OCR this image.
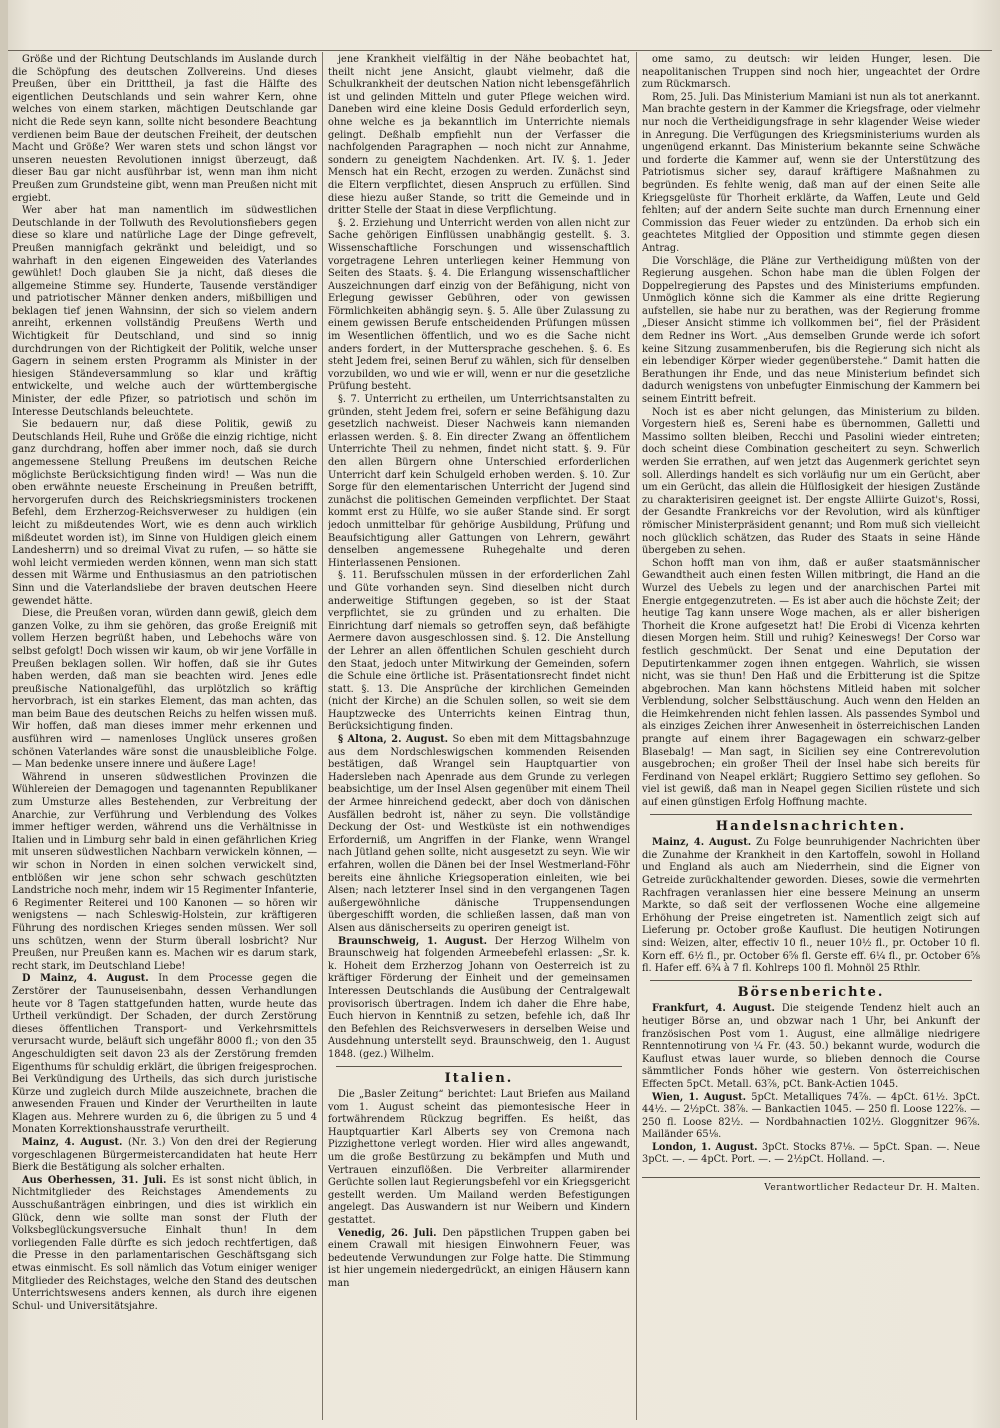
Größe und der Richtung Deutschlands im Auslande durch die Schöpfung des deutschen Zollvereins. Und dieses Preußen, über ein Dritttheil, ja fast die Hälfte des eigentlichen Deutschlands und sein wahrer Kern, ohne welches von einem starken, mächtigen Deutschlande gar nicht die Rede seyn kann, sollte nicht besondere Beachtung verdienen beim Baue der deutschen Freiheit, der deutschen Macht und Größe? Wer waren stets und schon längst vor unseren neuesten Revolutionen innigst überzeugt, daß dieser Bau gar nicht ausführbar ist, wenn man ihm nicht Preußen zum Grundsteine gibt, wenn man Preußen nicht mit ergiebt.

Wer aber hat man namentlich im südwestlichen Deutschlande in der Tollwuth des Revolutionsfiebers gegen diese so klare und natürliche Lage der Dinge gefrevelt, Preußen mannigfach gekränkt und beleidigt, und so wahrhaft in den eigenen Eingeweiden des Vaterlandes gewühlet! Doch glauben Sie ja nicht, daß dieses die allgemeine Stimme sey. Hunderte, Tausende verständiger und patriotischer Männer denken anders, mißbilligen und beklagen tief jenen Wahnsinn, der sich so vielem andern anreiht, erkennen vollständig Preußens Werth und Wichtigkeit für Deutschland, und sind so innig durchdrungen von der Richtigkeit der Politik, welche unser Gagern in seinem ersten Programm als Minister in der hiesigen Ständeversammlung so klar und kräftig entwickelte, und welche auch der württembergische Minister, der edle Pfizer, so patriotisch und schön im Interesse Deutschlands beleuchtete.

Sie bedauern nur, daß diese Politik, gewiß zu Deutschlands Heil, Ruhe und Größe die einzig richtige, nicht ganz durchdrang, hoffen aber immer noch, daß sie durch angemessene Stellung Preußens im deutschen Reiche möglichste Berücksichtigung finden wird! — Was nun die oben erwähnte neueste Erscheinung in Preußen betrifft, hervorgerufen durch des Reichskriegsministers trockenen Befehl, dem Erzherzog-Reichsverweser zu huldigen (ein leicht zu mißdeutendes Wort, wie es denn auch wirklich mißdeutet worden ist), im Sinne von Huldigen gleich einem Landesherrn) und so dreimal Vivat zu rufen, — so hätte sie wohl leicht vermieden werden können, wenn man sich statt dessen mit Wärme und Enthusiasmus an den patriotischen Sinn und die Vaterlandsliebe der braven deutschen Heere gewendet hätte.

Diese, die Preußen voran, würden dann gewiß, gleich dem ganzen Volke, zu ihm sie gehören, das große Ereigniß mit vollem Herzen begrüßt haben, und Lebehochs wäre von selbst gefolgt! Doch wissen wir kaum, ob wir jene Vorfälle in Preußen beklagen sollen. Wir hoffen, daß sie ihr Gutes haben werden, daß man sie beachten wird. Jenes edle preußische Nationalgefühl, das urplötzlich so kräftig hervorbrach, ist ein starkes Element, das man achten, das man beim Baue des deutschen Reichs zu helfen wissen muß. Wir hoffen, daß man dieses immer mehr erkennen und ausführen wird — namenloses Unglück unseres großen schönen Vaterlandes wäre sonst die unausbleibliche Folge. — Man bedenke unsere innere und äußere Lage!

Während in unseren südwestlichen Provinzen die Wühlereien der Demagogen und tagenannten Republikaner zum Umsturze alles Bestehenden, zur Verbreitung der Anarchie, zur Verführung und Verblendung des Volkes immer heftiger werden, während uns die Verhältnisse in Italien und in Limburg sehr bald in einen gefährlichen Krieg mit unseren südwestlichen Nachbarn verwickeln können, — wir schon in Norden in einen solchen verwickelt sind, entblößen wir jene schon sehr schwach geschützten Landstriche noch mehr, indem wir 15 Regimenter Infanterie, 6 Regimenter Reiterei und 100 Kanonen — so hören wir wenigstens — nach Schleswig-Holstein, zur kräftigeren Führung des nordischen Krieges senden müssen. Wer soll uns schützen, wenn der Sturm überall losbricht? Nur Preußen, nur Preußen kann es. Machen wir es darum stark, recht stark, im Deutschland Liebe!

D Mainz, 4. August. In dem Processe gegen die Zerstörer der Taunuseisenbahn, dessen Verhandlungen heute vor 8 Tagen stattgefunden hatten, wurde heute das Urtheil verkündigt. Der Schaden, der durch Zerstörung dieses öffentlichen Transport- und Verkehrsmittels verursacht wurde, beläuft sich ungefähr 8000 fl.; von den 35 Angeschuldigten seit davon 23 als der Zerstörung fremden Eigenthums für schuldig erklärt, die übrigen freigesprochen. Bei Verkündigung des Urtheils, das sich durch juristische Kürze und zugleich durch Milde auszeichnete, brachen die anwesenden Frauen und Kinder der Verurtheilten in laute Klagen aus. Mehrere wurden zu 6, die übrigen zu 5 und 4 Monaten Korrektionshausstrafe verurtheilt.

Mainz, 4. August. (Nr. 3.) Von den drei der Regierung vorgeschlagenen Bürgermeistercandidaten hat heute Herr Bierk die Bestätigung als solcher erhalten.

Aus Oberhessen, 31. Juli. Es ist sonst nicht üblich, in Nichtmitglieder des Reichstages Amendements zu Ausschußanträgen einbringen, und dies ist wirklich ein Glück, denn wie sollte man sonst der Fluth der Volksbeglückungsversuche Einhalt thun! In dem vorliegenden Falle dürfte es sich jedoch rechtfertigen, daß die Presse in den parlamentarischen Geschäftsgang sich etwas einmischt. Es soll nämlich das Votum einiger weniger Mitglieder des Reichstages, welche den Stand des deutschen Unterrichtswesens anders kennen, als durch ihre eigenen Schul- und Universitätsjahre.

jene Krankheit vielfältig in der Nähe beobachtet hat, theilt nicht jene Ansicht, glaubt vielmehr, daß die Schulkrankheit der deutschen Nation nicht lebensgefährlich ist und gelinden Mitteln und guter Pflege weichen wird. Daneben wird eine kleine Dosis Geduld erforderlich seyn, ohne welche es ja bekanntlich im Unterrichte niemals gelingt. Deßhalb empfiehlt nun der Verfasser die nachfolgenden Paragraphen — noch nicht zur Annahme, sondern zu geneigtem Nachdenken. Art. IV. §. 1. Jeder Mensch hat ein Recht, erzogen zu werden. Zunächst sind die Eltern verpflichtet, diesen Anspruch zu erfüllen. Sind diese hiezu außer Stande, so tritt die Gemeinde und in dritter Stelle der Staat in diese Verpflichtung.

§. 2. Erziehung und Unterricht werden von allen nicht zur Sache gehörigen Einflüssen unabhängig gestellt. §. 3. Wissenschaftliche Forschungen und wissenschaftlich vorgetragene Lehren unterliegen keiner Hemmung von Seiten des Staats. §. 4. Die Erlangung wissenschaftlicher Auszeichnungen darf einzig von der Befähigung, nicht von Erlegung gewisser Gebühren, oder von gewissen Förmlichkeiten abhängig seyn. §. 5. Alle über Zulassung zu einem gewissen Berufe entscheidenden Prüfungen müssen im Wesentlichen öffentlich, und wo es die Sache nicht anders fordert, in der Muttersprache geschehen. §. 6. Es steht Jedem frei, seinen Beruf zu wählen, sich für denselben vorzubilden, wo und wie er will, wenn er nur die gesetzliche Prüfung besteht.

§. 7. Unterricht zu ertheilen, um Unterrichtsanstalten zu gründen, steht Jedem frei, sofern er seine Befähigung dazu gesetzlich nachweist. Dieser Nachweis kann niemanden erlassen werden. §. 8. Ein directer Zwang an öffentlichem Unterrichte Theil zu nehmen, findet nicht statt. §. 9. Für den allen Bürgern ohne Unterschied erforderlichen Unterricht darf kein Schulgeld erhoben werden. §. 10. Zur Sorge für den elementarischen Unterricht der Jugend sind zunächst die politischen Gemeinden verpflichtet. Der Staat kommt erst zu Hülfe, wo sie außer Stande sind. Er sorgt jedoch unmittelbar für gehörige Ausbildung, Prüfung und Beaufsichtigung aller Gattungen von Lehrern, gewährt denselben angemessene Ruhegehalte und deren Hinterlassenen Pensionen.

§. 11. Berufsschulen müssen in der erforderlichen Zahl und Güte vorhanden seyn. Sind dieselben nicht durch anderweitige Stiftungen gegeben, so ist der Staat verpflichtet, sie zu gründen und zu erhalten. Die Einrichtung darf niemals so getroffen seyn, daß befähigte Aermere davon ausgeschlossen sind. §. 12. Die Anstellung der Lehrer an allen öffentlichen Schulen geschieht durch den Staat, jedoch unter Mitwirkung der Gemeinden, sofern die Schule eine örtliche ist. Präsentationsrecht findet nicht statt. §. 13. Die Ansprüche der kirchlichen Gemeinden (nicht der Kirche) an die Schulen sollen, so weit sie dem Hauptzwecke des Unterrichts keinen Eintrag thun, Berücksichtigung finden.

§ Altona, 2. August. So eben mit dem Mittagsbahnzuge aus dem Nordschleswigschen kommenden Reisenden bestätigen, daß Wrangel sein Hauptquartier von Hadersleben nach Apenrade aus dem Grunde zu verlegen beabsichtige, um der Insel Alsen gegenüber mit einem Theil der Armee hinreichend gedeckt, aber doch von dänischen Ausfällen bedroht ist, näher zu seyn. Die vollständige Deckung der Ost- und Westküste ist ein nothwendiges Erforderniß, um Angriffen in der Flanke, wenn Wrangel nach Jütland gehen sollte, nicht ausgesetzt zu seyn. Wie wir erfahren, wollen die Dänen bei der Insel Westmerland-Föhr bereits eine ähnliche Kriegsoperation einleiten, wie bei Alsen; nach letzterer Insel sind in den vergangenen Tagen außergewöhnliche dänische Truppensendungen übergeschifft worden, die schließen lassen, daß man von Alsen aus dänischerseits zu operiren geneigt ist.

Braunschweig, 1. August. Der Herzog Wilhelm von Braunschweig hat folgenden Armeebefehl erlassen: „Sr. k. k. Hoheit dem Erzherzog Johann von Oesterreich ist zu kräftiger Förderung der Einheit und der gemeinsamen Interessen Deutschlands die Ausübung der Centralgewalt provisorisch übertragen. Indem ich daher die Ehre habe, Euch hiervon in Kenntniß zu setzen, befehle ich, daß Ihr den Befehlen des Reichsverwesers in derselben Weise und Ausdehnung unterstellt seyd. Braunschweig, den 1. August 1848. (gez.) Wilhelm.

Italien.

Die „Basler Zeitung“ berichtet: Laut Briefen aus Mailand vom 1. August scheint das piemontesische Heer in fortwährendem Rückzug begriffen. Es heißt, das Hauptquartier Karl Alberts sey von Cremona nach Pizzighettone verlegt worden. Hier wird alles angewandt, um die große Bestürzung zu bekämpfen und Muth und Vertrauen einzuflößen. Die Verbreiter allarmirender Gerüchte sollen laut Regierungsbefehl vor ein Kriegsgericht gestellt werden. Um Mailand werden Befestigungen angelegt. Das Auswandern ist nur Weibern und Kindern gestattet.

Venedig, 26. Juli. Den päpstlichen Truppen gaben bei einem Crawall mit hiesigen Einwohnern Feuer, was bedeutende Verwundungen zur Folge hatte. Die Stimmung ist hier ungemein niedergedrückt, an einigen Häusern kann man

ome samo, zu deutsch: wir leiden Hunger, lesen. Die neapolitanischen Truppen sind noch hier, ungeachtet der Ordre zum Rückmarsch.

Rom, 25. Juli. Das Ministerium Mamiani ist nun als tot anerkannt. Man brachte gestern in der Kammer die Kriegsfrage, oder vielmehr nur noch die Vertheidigungsfrage in sehr klagender Weise wieder in Anregung. Die Verfügungen des Kriegsministeriums wurden als ungenügend erkannt. Das Ministerium bekannte seine Schwäche und forderte die Kammer auf, wenn sie der Unterstützung des Patriotismus sicher sey, darauf kräftigere Maßnahmen zu begründen. Es fehlte wenig, daß man auf der einen Seite alle Kriegsgelüste für Thorheit erklärte, da Waffen, Leute und Geld fehlten; auf der andern Seite suchte man durch Ernennung einer Commission das Feuer wieder zu entzünden. Da erhob sich ein geachtetes Mitglied der Opposition und stimmte gegen diesen Antrag.

Die Vorschläge, die Pläne zur Vertheidigung müßten von der Regierung ausgehen. Schon habe man die üblen Folgen der Doppelregierung des Papstes und des Ministeriums empfunden. Unmöglich könne sich die Kammer als eine dritte Regierung aufstellen, sie habe nur zu berathen, was der Regierung fromme „Dieser Ansicht stimme ich vollkommen bei“, fiel der Präsident dem Redner ins Wort. „Aus demselben Grunde werde ich sofort keine Sitzung zusammenberufen, bis die Regierung sich nicht als ein lebendiger Körper wieder gegenüberstehe.“ Damit hatten die Berathungen ihr Ende, und das neue Ministerium befindet sich dadurch wenigstens von unbefugter Einmischung der Kammern bei seinem Eintritt befreit.

Noch ist es aber nicht gelungen, das Ministerium zu bilden. Vorgestern hieß es, Sereni habe es übernommen, Galletti und Massimo sollten bleiben, Recchi und Pasolini wieder eintreten; doch scheint diese Combination gescheitert zu seyn. Schwerlich werden Sie errathen, auf wen jetzt das Augenmerk gerichtet seyn soll. Allerdings handelt es sich vorläufig nur um ein Gerücht, aber um ein Gerücht, das allein die Hülflosigkeit der hiesigen Zustände zu charakterisiren geeignet ist. Der engste Alliirte Guizot's, Rossi, der Gesandte Frankreichs vor der Revolution, wird als künftiger römischer Ministerpräsident genannt; und Rom muß sich vielleicht noch glücklich schätzen, das Ruder des Staats in seine Hände übergeben zu sehen.

Schon hofft man von ihm, daß er außer staatsmännischer Gewandtheit auch einen festen Willen mitbringt, die Hand an die Wurzel des Uebels zu legen und der anarchischen Partei mit Energie entgegenzutreten. — Es ist aber auch die höchste Zeit; der heutige Tag kann unsere Woge machen, als er aller bisherigen Thorheit die Krone aufgesetzt hat! Die Erobi di Vicenza kehrten diesen Morgen heim. Still und ruhig? Keineswegs! Der Corso war festlich geschmückt. Der Senat und eine Deputation der Deputirtenkammer zogen ihnen entgegen. Wahrlich, sie wissen nicht, was sie thun! Den Haß und die Erbitterung ist die Spitze abgebrochen. Man kann höchstens Mitleid haben mit solcher Verblendung, solcher Selbsttäuschung. Auch wenn den Helden an die Heimkehrenden nicht fehlen lassen. Als passendes Symbol und als einziges Zeichen ihrer Anwesenheit in österreichischen Landen prangte auf einem ihrer Bagagewagen ein schwarz-gelber Blasebalg! — Man sagt, in Sicilien sey eine Contrerevolution ausgebrochen; ein großer Theil der Insel habe sich bereits für Ferdinand von Neapel erklärt; Ruggiero Settimo sey geflohen. So viel ist gewiß, daß man in Neapel gegen Sicilien rüstete und sich auf einen günstigen Erfolg Hoffnung machte.

Handelsnachrichten.

Mainz, 4. August. Zu Folge beunruhigender Nachrichten über die Zunahme der Krankheit in den Kartoffeln, sowohl in Holland und England als auch am Niederrhein, sind die Eigner von Getreide zurückhaltender geworden. Dieses, sowie die vermehrten Rachfragen veranlassen hier eine bessere Meinung an unserm Markte, so daß seit der verflossenen Woche eine allgemeine Erhöhung der Preise eingetreten ist. Namentlich zeigt sich auf Lieferung pr. October große Kauflust. Die heutigen Notirungen sind: Weizen, alter, effectiv 10 fl., neuer 10½ fl., pr. October 10 fl. Korn eff. 6½ fl., pr. October 6⅝ fl. Gerste eff. 6¼ fl., pr. October 6⅝ fl. Hafer eff. 6¾ à 7 fl. Kohlreps 100 fl. Mohnöl 25 Rthlr.

Börsenberichte.

Frankfurt, 4. August. Die steigende Tendenz hielt auch an heutiger Börse an, und obzwar nach 1 Uhr, bei Ankunft der französischen Post vom 1. August, eine allmälige niedrigere Renntennotirung von ¼ Fr. (43. 50.) bekannt wurde, wodurch die Kauflust etwas lauer wurde, so blieben dennoch die Course sämmtlicher Fonds höher wie gestern. Von österreichischen Effecten 5pCt. Metall. 63⅞, pCt. Bank-Actien 1045.

Wien, 1. August. 5pCt. Metalliques 74⅞. — 4pCt. 61½. 3pCt. 44½. — 2½pCt. 38⅞. — Bankactien 1045. — 250 fl. Loose 122⅞. — 250 fl. Loose 82½. — Nordbahnactien 102½. Gloggnitzer 96⅞. Mailänder 65⅛.

London, 1. August. 3pCt. Stocks 87⅛. — 5pCt. Span. —. Neue 3pCt. —. — 4pCt. Port. —. — 2½pCt. Holland. —.

Verantwortlicher Redacteur Dr. H. Malten.
